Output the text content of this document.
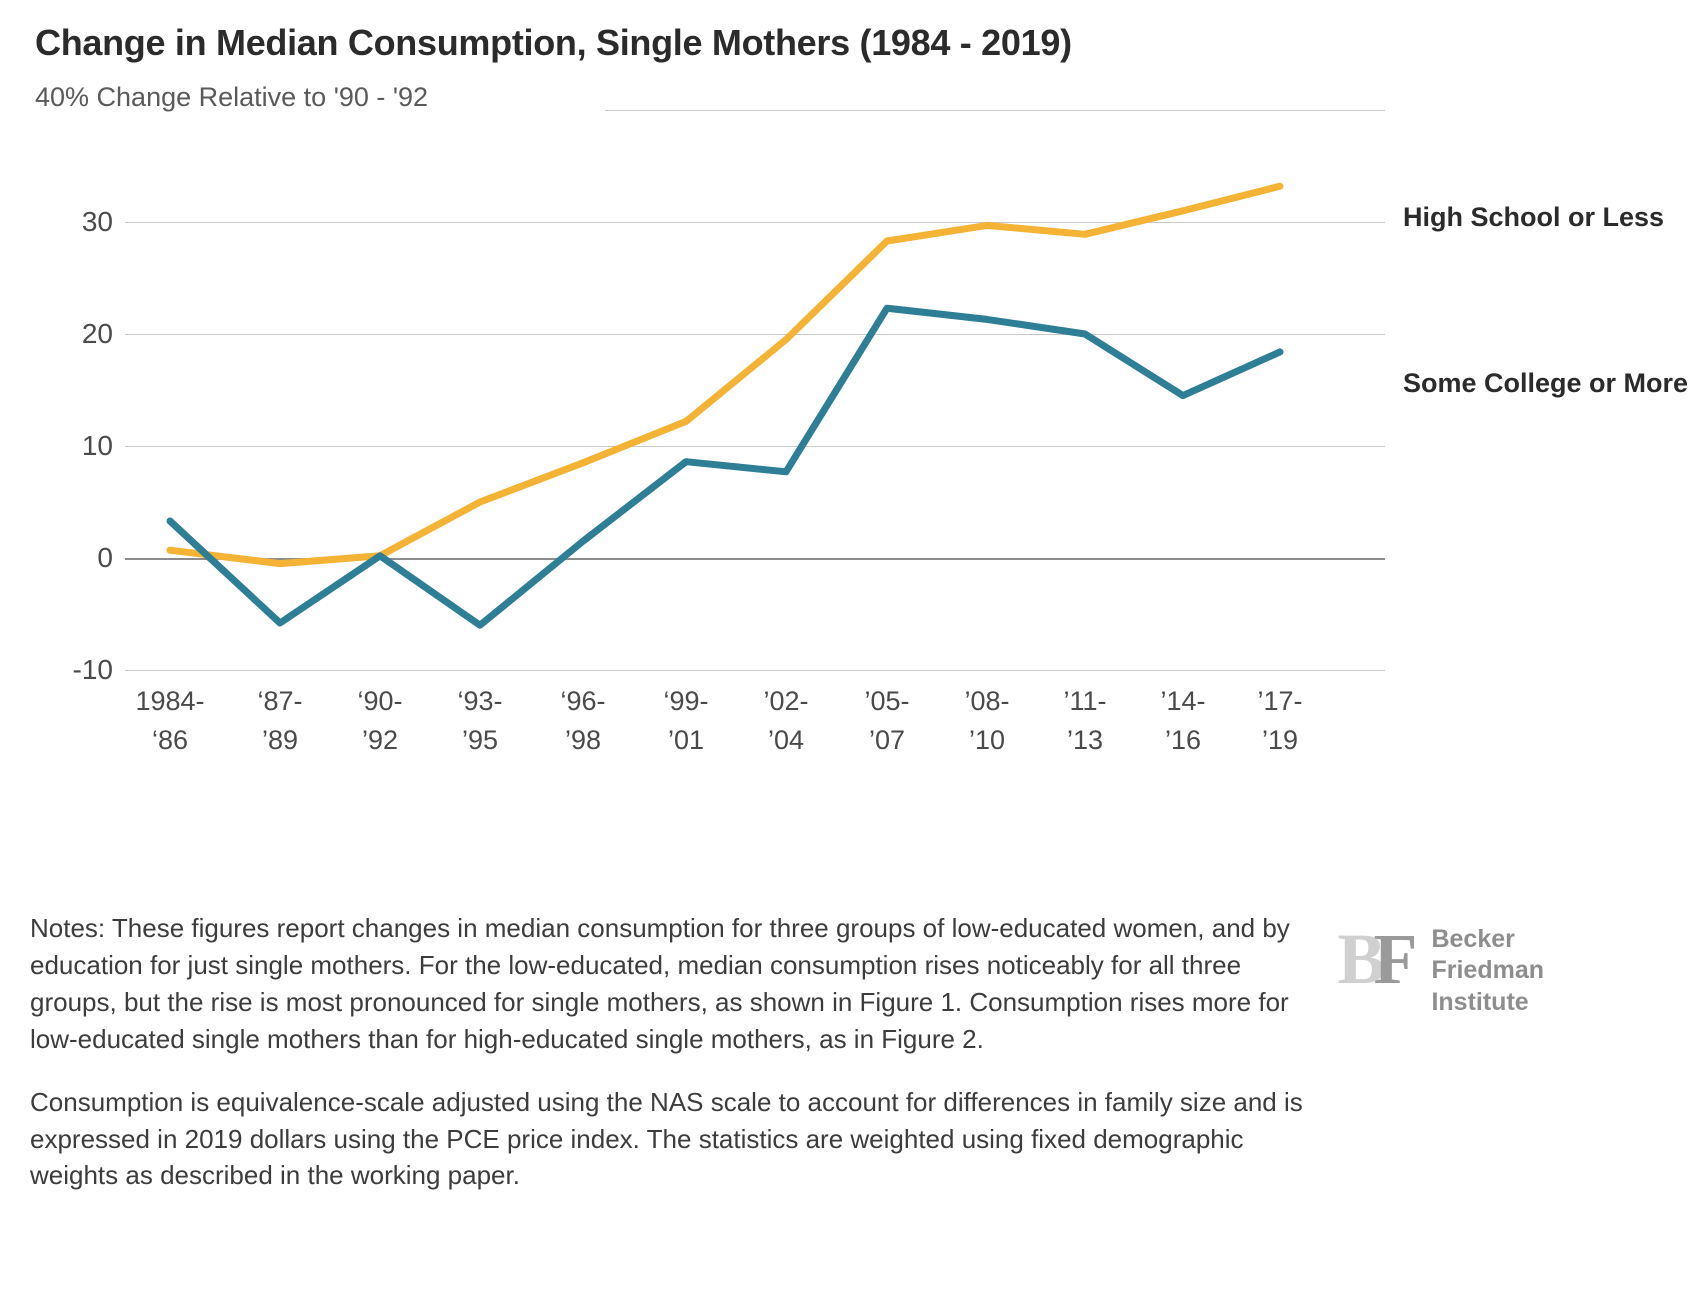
Change in Median Consumption, Single Mothers (1984 - 2019)
40% Change Relative to '90 - '92
30
20
10
0
-10
High School or Less
Some College or More
1984-
‘86
‘87-
’89
‘90-
’92
‘93-
’95
‘96-
’98
‘99-
’01
’02-
’04
’05-
’07
’08-
’10
’11-
’13
’14-
’16
’17-
’19

Notes: These figures report changes in median consumption for three groups of low-educated women, and by education for just single mothers. For the low-educated, median consumption rises noticeably for all three groups, but the rise is most pronounced for single mothers, as shown in Figure 1. Consumption rises more for low-educated single mothers than for high-educated single mothers, as in Figure 2.

Consumption is equivalence-scale adjusted using the NAS scale to account for differences in family size and is expressed in 2019 dollars using the PCE price index. The statistics are weighted using fixed demographic weights as described in the working paper.

B
F Becker
Friedman
Institute
